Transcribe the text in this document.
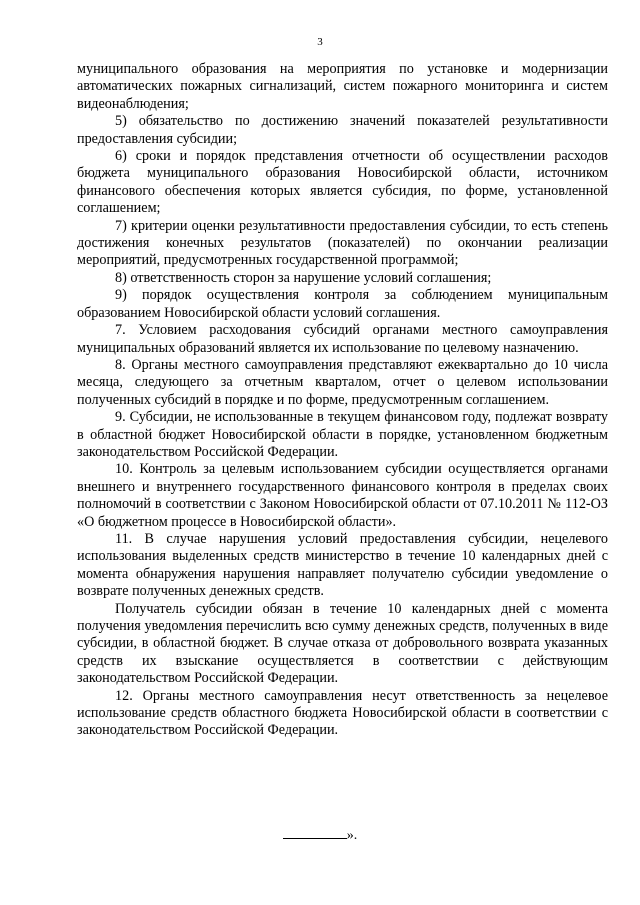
3

муниципального образования на мероприятия по установке и модернизации автоматических пожарных сигнализаций, систем пожарного мониторинга и систем видеонаблюдения;

5) обязательство по достижению значений показателей результативности предоставления субсидии;

6) сроки и порядок представления отчетности об осуществлении расходов бюджета муниципального образования Новосибирской области, источником финансового обеспечения которых является субсидия, по форме, установленной соглашением;

7) критерии оценки результативности предоставления субсидии, то есть степень достижения конечных результатов (показателей) по окончании реализации мероприятий, предусмотренных государственной программой;

8) ответственность сторон за нарушение условий соглашения;

9) порядок осуществления контроля за соблюдением муниципальным образованием Новосибирской области условий соглашения.

7. Условием расходования субсидий органами местного самоуправления муниципальных образований является их использование по целевому назначению.

8. Органы местного самоуправления представляют ежеквартально до 10 числа месяца, следующего за отчетным кварталом, отчет о целевом использовании полученных субсидий в порядке и по форме, предусмотренным соглашением.

9. Субсидии, не использованные в текущем финансовом году, подлежат возврату в областной бюджет Новосибирской области в порядке, установленном бюджетным законодательством Российской Федерации.

10. Контроль за целевым использованием субсидии осуществляется органами внешнего и внутреннего государственного финансового контроля в пределах своих полномочий в соответствии с Законом Новосибирской области от 07.10.2011 № 112-ОЗ «О бюджетном процессе в Новосибирской области».

11. В случае нарушения условий предоставления субсидии, нецелевого использования выделенных средств министерство в течение 10 календарных дней с момента обнаружения нарушения направляет получателю субсидии уведомление о возврате полученных денежных средств.

Получатель субсидии обязан в течение 10 календарных дней с момента получения уведомления перечислить всю сумму денежных средств, полученных в виде субсидии, в областной бюджет. В случае отказа от добровольного возврата указанных средств их взыскание осуществляется в соответствии с действующим законодательством Российской Федерации.

12. Органы местного самоуправления несут ответственность за нецелевое использование средств областного бюджета Новосибирской области в соответствии с законодательством Российской Федерации.

».
